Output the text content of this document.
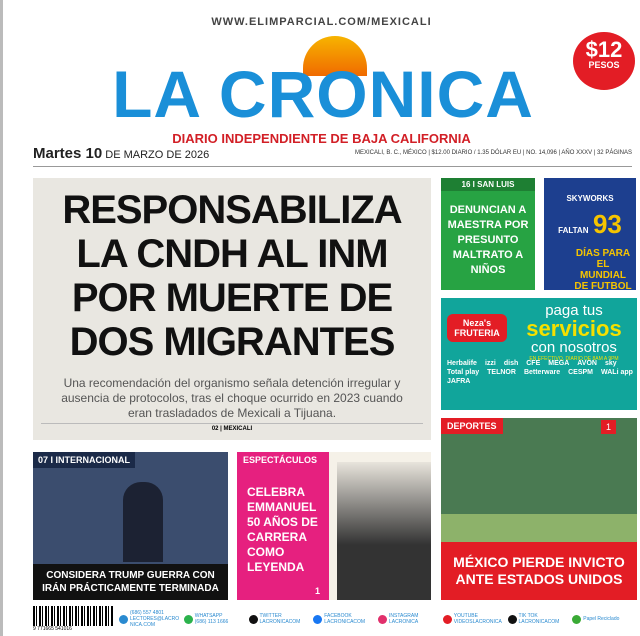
WWW.ELIMPARCIAL.COM/MEXICALI
LA CRONICA
$12
PESOS
DIARIO INDEPENDIENTE DE BAJA CALIFORNIA
Martes 10 DE MARZO DE 2026	MEXICALI, B. C., MÉXICO | $12.00 DIARIO / 1.35 DÓLAR EU | NO. 14,096 | AÑO XXXV | 32 PÁGINAS
RESPONSABILIZA LA CNDH AL INM POR MUERTE DE DOS MIGRANTES
Una recomendación del organismo señala detención irregular y ausencia de protocolos, tras el choque ocurrido en 2023 cuando eran trasladados de Mexicali a Tijuana.
02 | MEXICALI
16 I SAN LUIS
DENUNCIAN A MAESTRA POR PRESUNTO MALTRATO A NIÑOS
SKYWORKS
FALTAN 93
DÍAS PARA EL MUNDIAL DE FUTBOL
Neza's FRUTERIA
paga tus
servicios
con nosotros
EN EFECTIVO, DIARIO DE 8AM A 9PM
Herbalife izzi dish CFE MEGA AVON sky
Total play TELNOR Betterware CESPM WALi app
JAFRA
DEPORTES	1
MÉXICO PIERDE INVICTO ANTE ESTADOS UNIDOS
07 I INTERNACIONAL
CONSIDERA TRUMP GUERRA CON IRÁN PRÁCTICAMENTE TERMINADA
ESPECTÁCULOS
CELEBRA EMMANUEL 50 AÑOS DE CARRERA COMO LEYENDA
1
9 771665 541016
(686) 557 4801
LECTORES@LACRONICA.COM
WHATSAPP
(686) 113 1666
TWITTER
LACRONICACOM
FACEBOOK
LACRONICACOM
INSTAGRAM
LACRONICA
YOUTUBE
VIDEOSLACRONICA
TIK TOK
LACRONICACOM	Papel Reciclado
